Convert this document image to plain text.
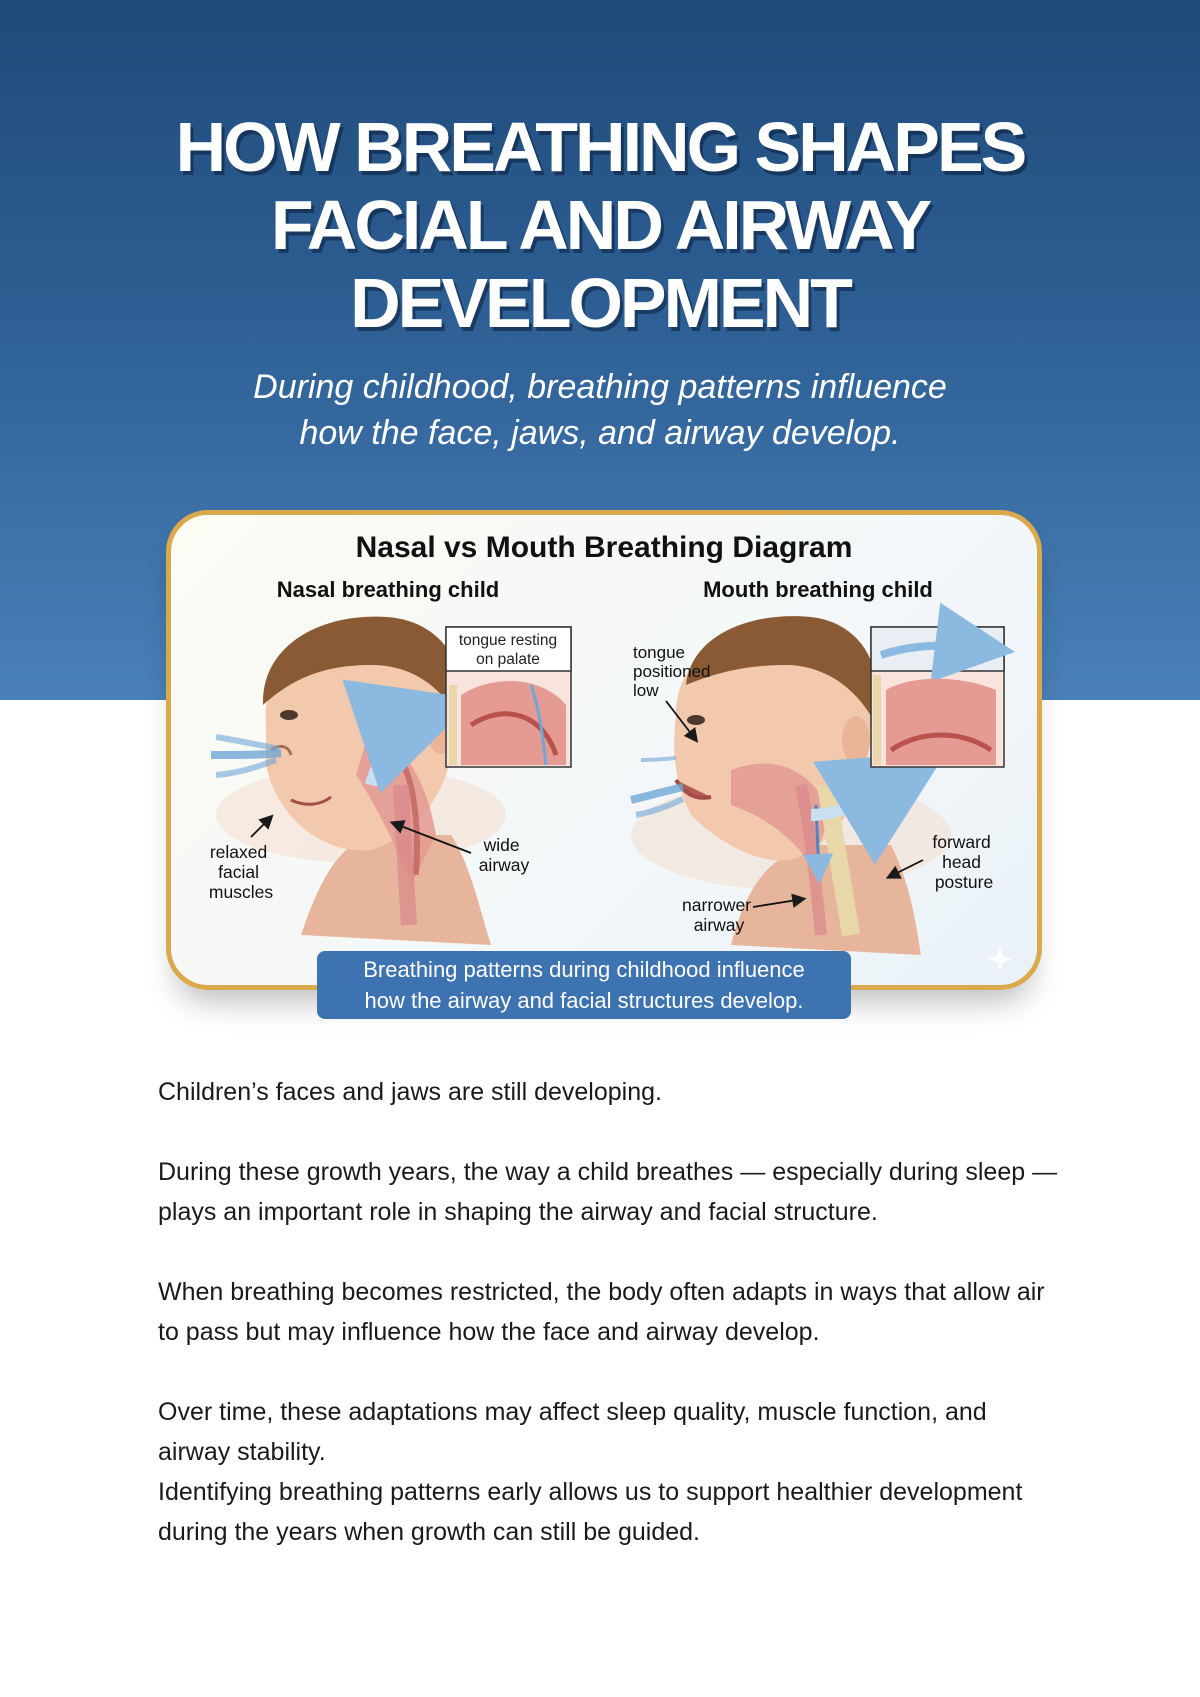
HOW BREATHING SHAPES
FACIAL AND AIRWAY
DEVELOPMENT
During childhood, breathing patterns influence
how the face, jaws, and airway develop.
Nasal vs Mouth Breathing Diagram
Nasal breathing child	Mouth breathing child
tongue resting
on palate
relaxed facial muscles
wide airway
tongue positioned low
forward head posture
narrower airway
Breathing patterns during childhood influence
how the airway and facial structures develop.

Children’s faces and jaws are still developing.

During these growth years, the way a child breathes — especially during sleep — plays an important role in shaping the airway and facial structure.

When breathing becomes restricted, the body often adapts in ways that allow air to pass but may influence how the face and airway develop.

Over time, these adaptations may affect sleep quality, muscle function, and airway stability.

Identifying breathing patterns early allows us to support healthier development during the years when growth can still be guided.
